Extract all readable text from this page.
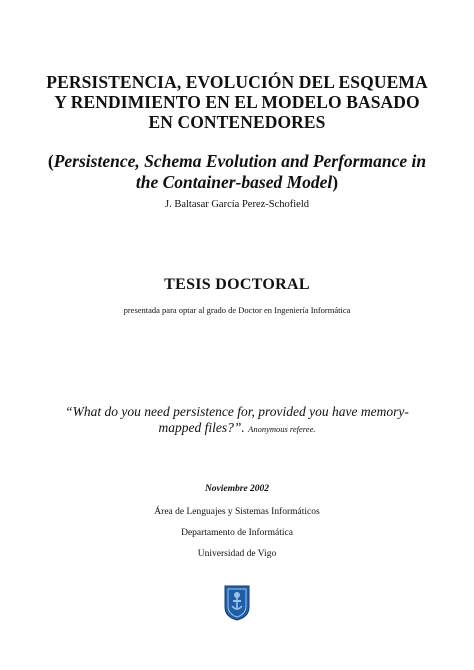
PERSISTENCIA, EVOLUCIÓN DEL ESQUEMA
Y RENDIMIENTO EN EL MODELO BASADO
EN CONTENEDORES
(Persistence, Schema Evolution and Performance in
the Container-based Model)
J. Baltasar García Perez-Schofield
TESIS DOCTORAL
presentada para optar al grado de Doctor en Ingeniería Informática
“What do you need persistence for, provided you have memory-mapped files?”. Anonymous referee.
Noviembre 2002
Área de Lenguajes y Sistemas Informáticos
Departamento de Informática
Universidad de Vigo
